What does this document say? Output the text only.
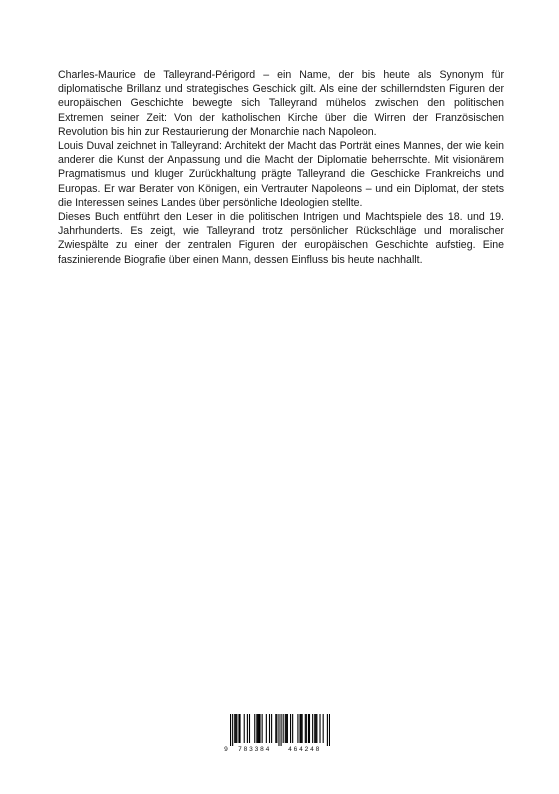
Charles-Maurice de Talleyrand-Périgord – ein Name, der bis heute als Synonym für diplomatische Brillanz und strategisches Geschick gilt. Als eine der schillerndsten Figuren der europäischen Geschichte bewegte sich Talleyrand mühelos zwischen den politischen Extremen seiner Zeit: Von der katholischen Kirche über die Wirren der Französischen Revolution bis hin zur Restaurierung der Monarchie nach Napoleon.

Louis Duval zeichnet in Talleyrand: Architekt der Macht das Porträt eines Mannes, der wie kein anderer die Kunst der Anpassung und die Macht der Diplomatie beherrschte. Mit visionärem Pragmatismus und kluger Zurückhaltung prägte Talleyrand die Geschicke Frankreichs und Europas. Er war Berater von Königen, ein Vertrauter Napoleons – und ein Diplomat, der stets die Interessen seines Landes über persönliche Ideologien stellte.

Dieses Buch entführt den Leser in die politischen Intrigen und Machtspiele des 18. und 19. Jahrhunderts. Es zeigt, wie Talleyrand trotz persönlicher Rückschläge und moralischer Zwiespälte zu einer der zentralen Figuren der europäischen Geschichte aufstieg. Eine faszinierende Biografie über einen Mann, dessen Einfluss bis heute nachhallt.

9 783384	464248
